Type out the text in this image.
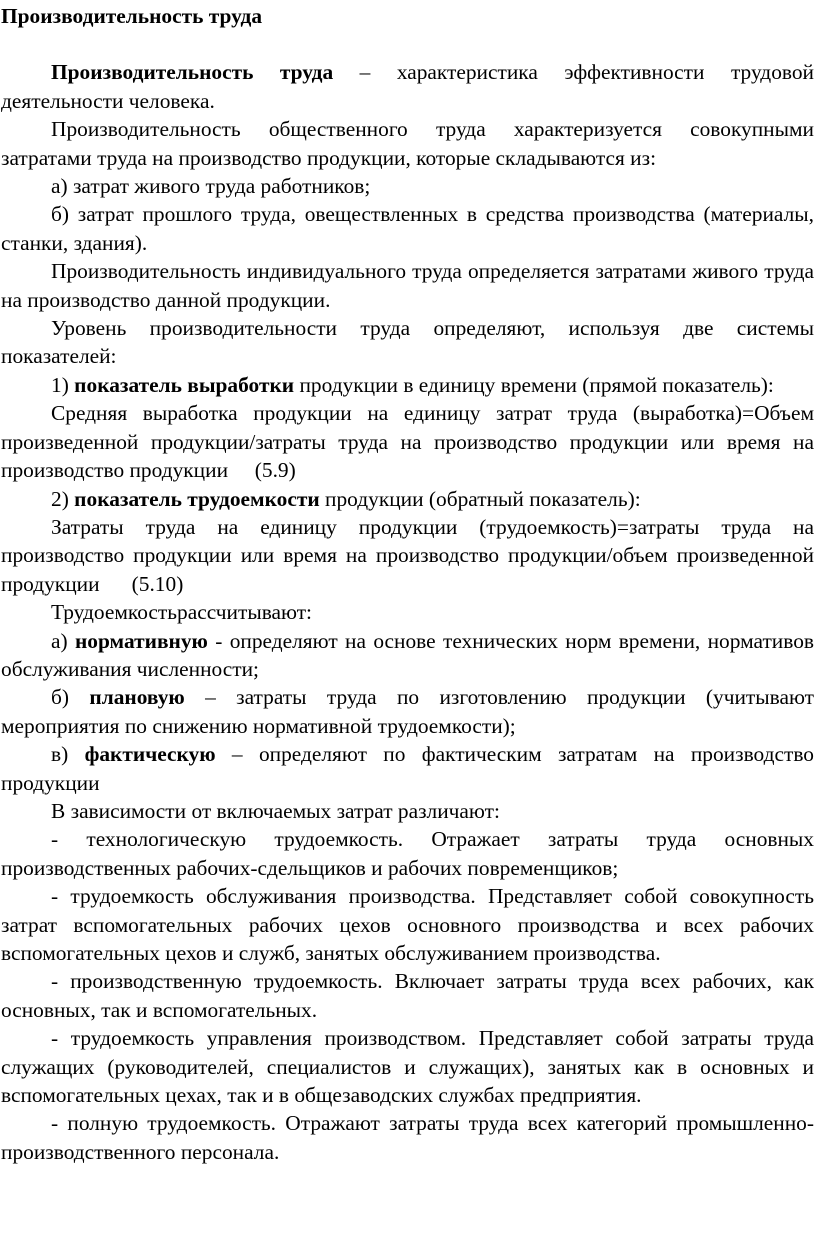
Производительность труда

Производительность труда – характеристика эффективности трудовой деятельности человека.

Производительность общественного труда характеризуется совокупными затратами труда на производство продукции, которые складываются из:

а) затрат живого труда работников;

б) затрат прошлого труда, овеществленных в средства производства (материалы, станки, здания).

Производительность индивидуального труда определяется затратами живого труда на производство данной продукции.

Уровень производительности труда определяют, используя две системы показателей:

1) показатель выработки продукции в единицу времени (прямой показатель):

Средняя выработка продукции на единицу затрат труда (выработка)=Объем произведенной продукции/затраты труда на производство продукции или время на производство продукции     (5.9)

2) показатель трудоемкости продукции (обратный показатель):

Затраты труда на единицу продукции (трудоемкость)=затраты труда на производство продукции или время на производство продукции/объем произведенной продукции      (5.10)

Трудоемкостьрассчитывают:

а) нормативную - определяют на основе технических норм времени, нормативов обслуживания численности;

б) плановую – затраты труда по изготовлению продукции (учитывают мероприятия по снижению нормативной трудоемкости);

в) фактическую – определяют по фактическим затратам на производство продукции

В зависимости от включаемых затрат различают:

- технологическую трудоемкость. Отражает затраты труда основных производственных рабочих-сдельщиков и рабочих повременщиков;

- трудоемкость обслуживания производства. Представляет собой совокупность затрат вспомогательных рабочих цехов основного производства и всех рабочих вспомогательных цехов и служб, занятых обслуживанием производства.

- производственную трудоемкость. Включает затраты труда всех рабочих, как основных, так и вспомогательных.

- трудоемкость управления производством. Представляет собой затраты труда служащих (руководителей, специалистов и служащих), занятых как в основных и вспомогательных цехах, так и в общезаводских службах предприятия.

- полную трудоемкость. Отражают затраты труда всех категорий промышленно-производственного персонала.
